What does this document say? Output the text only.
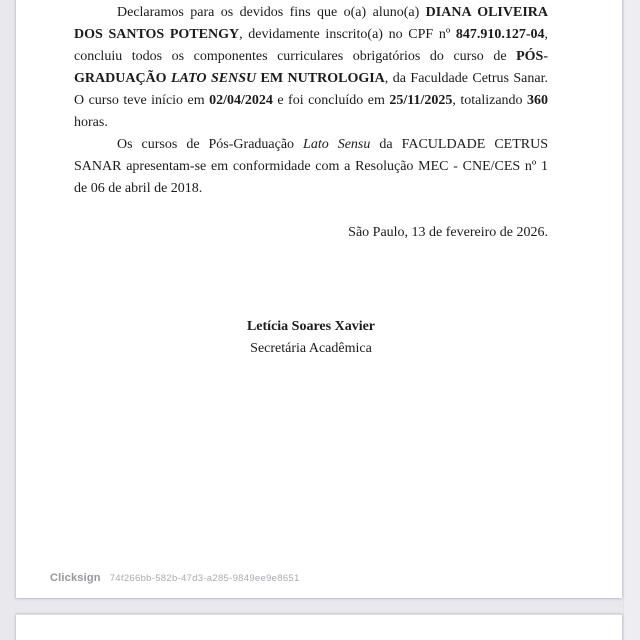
Declaramos para os devidos fins que o(a) aluno(a) DIANA OLIVEIRA DOS SANTOS POTENGY, devidamente inscrito(a) no CPF nº 847.910.127-04, concluiu todos os componentes curriculares obrigatórios do curso de PÓS-GRADUAÇÃO LATO SENSU EM NUTROLOGIA, da Faculdade Cetrus Sanar. O curso teve início em 02/04/2024 e foi concluído em 25/11/2025, totalizando 360 horas.

Os cursos de Pós-Graduação Lato Sensu da FACULDADE CETRUS SANAR apresentam-se em conformidade com a Resolução MEC - CNE/CES nº 1 de 06 de abril de 2018.

São Paulo, 13 de fevereiro de 2026.

Letícia Soares Xavier

Secretária Acadêmica

Clicksign 74f266bb-582b-47d3-a285-9849ee9e8651
